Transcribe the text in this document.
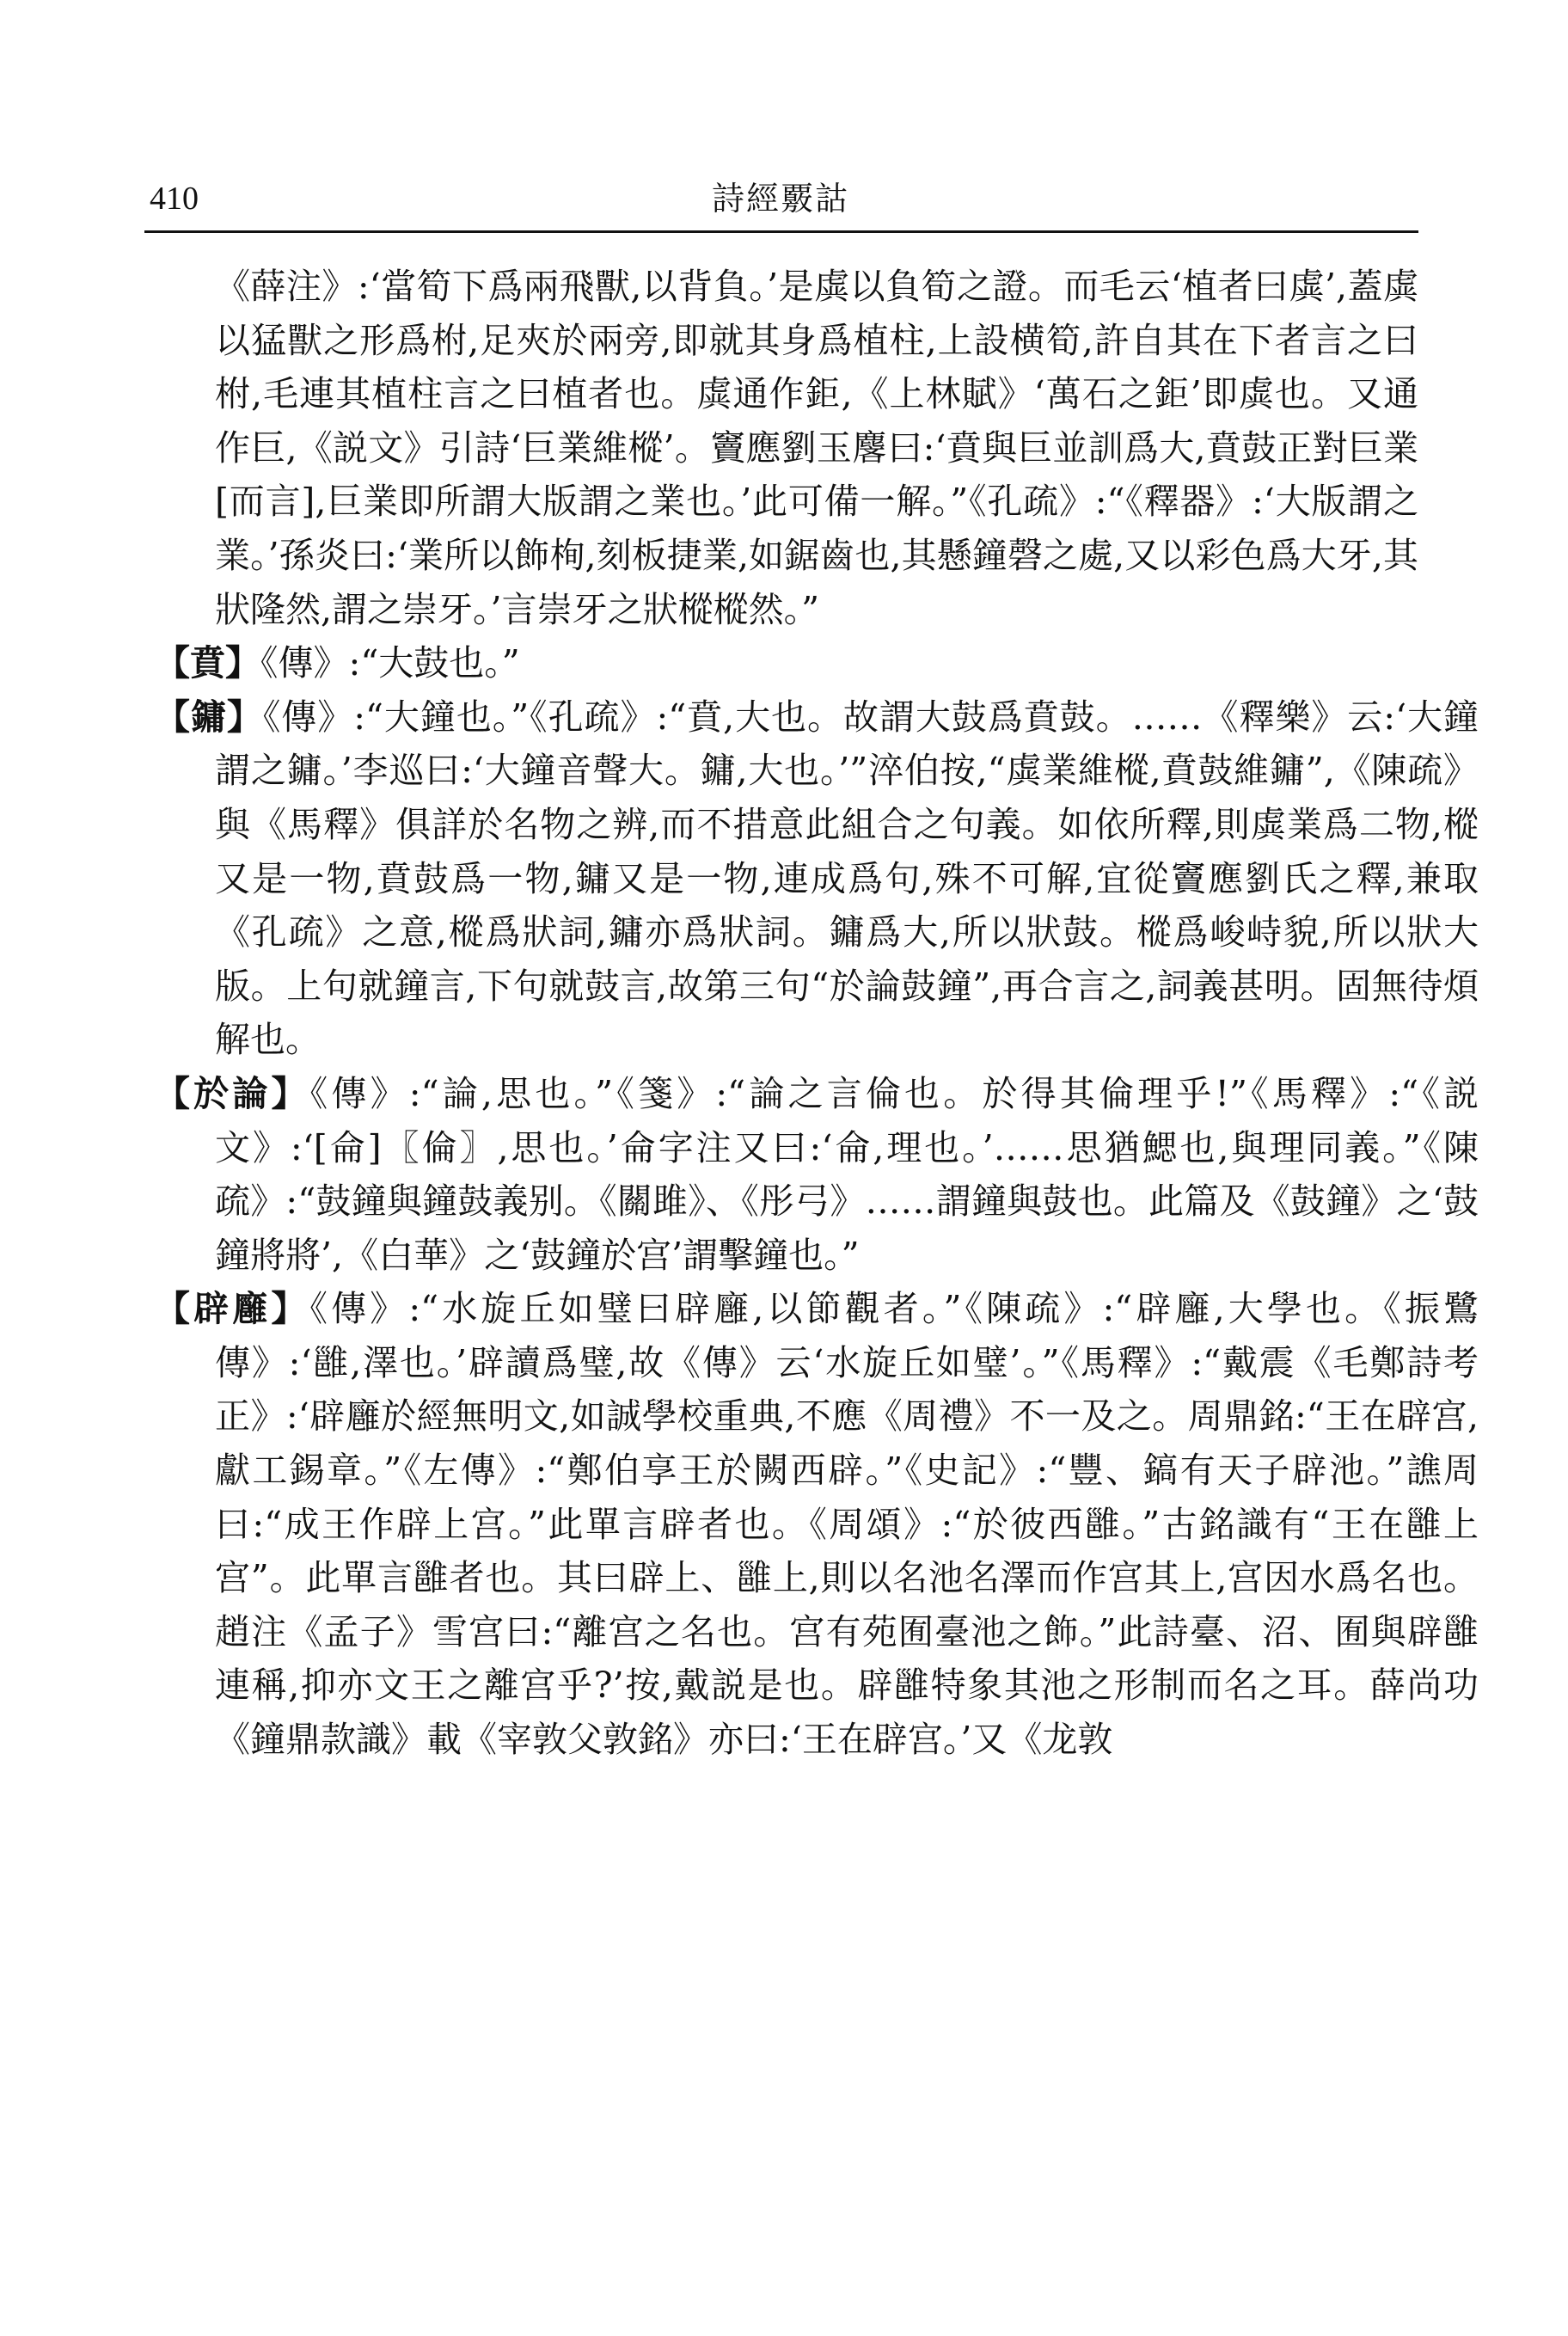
410	詩經覈詁

《薛注》:‘當筍下爲兩飛獸,以背負。’是虡以負筍之證。而毛云‘植者曰虡’,蓋虡以猛獸之形爲柎,足夾於兩旁,即就其身爲植柱,上設横筍,許自其在下者言之曰柎,毛連其植柱言之曰植者也。虡通作鉅,《上林賦》‘萬石之鉅’即虡也。又通作巨,《説文》引詩‘巨業維樅’。竇應劉玉麐曰:‘賁與巨並訓爲大,賁鼓正對巨業[而言],巨業即所謂大版謂之業也。’此可備一解。”《孔疏》:“《釋器》:‘大版謂之業。’孫炎曰:‘業所以飾栒,刻板捷業,如鋸齒也,其懸鐘磬之處,又以彩色爲大牙,其狀隆然,謂之崇牙。’言崇牙之狀樅樅然。”

【賁】《傳》:“大鼓也。”

【鏞】《傳》:“大鐘也。”《孔疏》:“賁,大也。故謂大鼓爲賁鼓。……《釋樂》云:‘大鐘謂之鏞。’李巡曰:‘大鐘音聲大。鏞,大也。’”淬伯按,“虡業維樅,賁鼓維鏞”,《陳疏》與《馬釋》俱詳於名物之辨,而不措意此組合之句義。如依所釋,則虡業爲二物,樅又是一物,賁鼓爲一物,鏞又是一物,連成爲句,殊不可解,宜從竇應劉氏之釋,兼取《孔疏》之意,樅爲狀詞,鏞亦爲狀詞。鏞爲大,所以狀鼓。樅爲峻峙貌,所以狀大版。上句就鐘言,下句就鼓言,故第三句“於論鼓鐘”,再合言之,詞義甚明。固無待煩解也。

【於論】《傳》:“論,思也。”《箋》:“論之言倫也。於得其倫理乎!”《馬釋》:“《説文》:‘[侖]〖倫〗,思也。’侖字注又曰:‘侖,理也。’……思猶鰓也,與理同義。”《陳疏》:“鼓鐘與鐘鼓義别。《關雎》、《彤弓》……謂鐘與鼓也。此篇及《鼓鐘》之‘鼓鐘將將’,《白華》之‘鼓鐘於宫’謂擊鐘也。”

【辟廱】《傳》:“水旋丘如璧曰辟廱,以節觀者。”《陳疏》:“辟廱,大學也。《振鷺傳》:‘雝,澤也。’辟讀爲璧,故《傳》云‘水旋丘如璧’。”《馬釋》:“戴震《毛鄭詩考正》:‘辟廱於經無明文,如誠學校重典,不應《周禮》不一及之。周鼎銘:“王在辟宫,獻工錫章。”《左傳》:“鄭伯享王於闕西辟。”《史記》:“豐、鎬有天子辟池。”譙周曰:“成王作辟上宫。”此單言辟者也。《周頌》:“於彼西雝。”古銘識有“王在雝上宫”。此單言雝者也。其曰辟上、雝上,則以名池名澤而作宫其上,宫因水爲名也。趙注《孟子》雪宫曰:“離宫之名也。宫有苑囿臺池之飾。”此詩臺、沼、囿與辟雝連稱,抑亦文王之離宫乎?’按,戴説是也。辟雝特象其池之形制而名之耳。薛尚功《鐘鼎款識》載《宰敦父敦銘》亦曰:‘王在辟宫。’又《龙敦
